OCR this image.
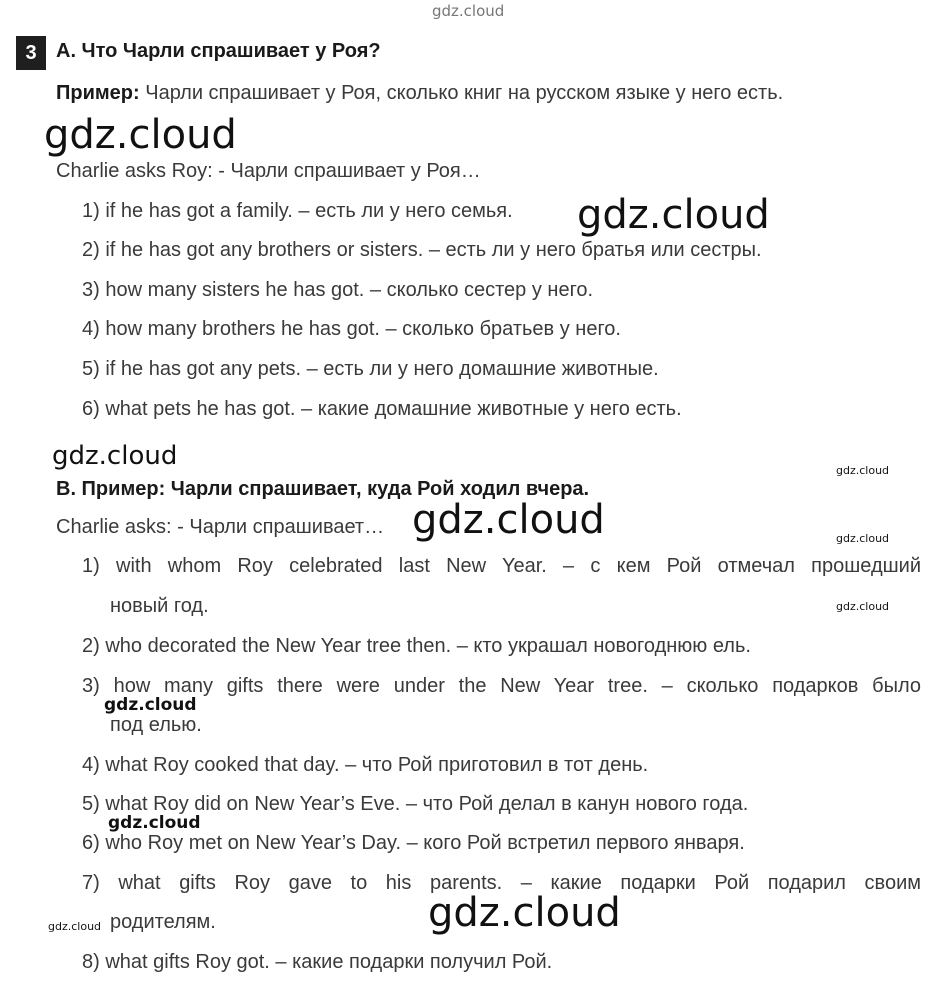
gdz.cloud
3 A. Что Чарли спрашивает у Роя?
Пример: Чарли спрашивает у Роя, сколько книг на русском языке у него есть.
gdz.cloud
Charlie asks Roy: - Чарли спрашивает у Роя…
1) if he has got a family. – есть ли у него семья. gdz.cloud
2) if he has got any brothers or sisters. – есть ли у него братья или сестры.
3) how many sisters he has got. – сколько сестер у него.
4) how many brothers he has got. – сколько братьев у него.
5) if he has got any pets. – есть ли у него домашние животные.
6) what pets he has got. – какие домашние животные у него есть.
gdz.cloud	gdz.cloud
B. Пример: Чарли спрашивает, куда Рой ходил вчера.
Charlie asks: - Чарли спрашивает… gdz.cloud	gdz.cloud
1) with whom Roy celebrated last New Year. – с кем Рой отмечал прошедший
новый год.	gdz.cloud
2) who decorated the New Year tree then. – кто украшал новогоднюю ель.
3) how many gifts there were under the New Year tree. – сколько подарков было
gdz.cloud
под елью.
4) what Roy cooked that day. – что Рой приготовил в тот день.
5) what Roy did on New Year’s Eve. – что Рой делал в канун нового года.
gdz.cloud
6) who Roy met on New Year’s Day. – кого Рой встретил первого января.
7) what gifts Roy gave to his parents. – какие подарки Рой подарил своим
gdz.cloud родителям.	gdz.cloud
8) what gifts Roy got. – какие подарки получил Рой.
